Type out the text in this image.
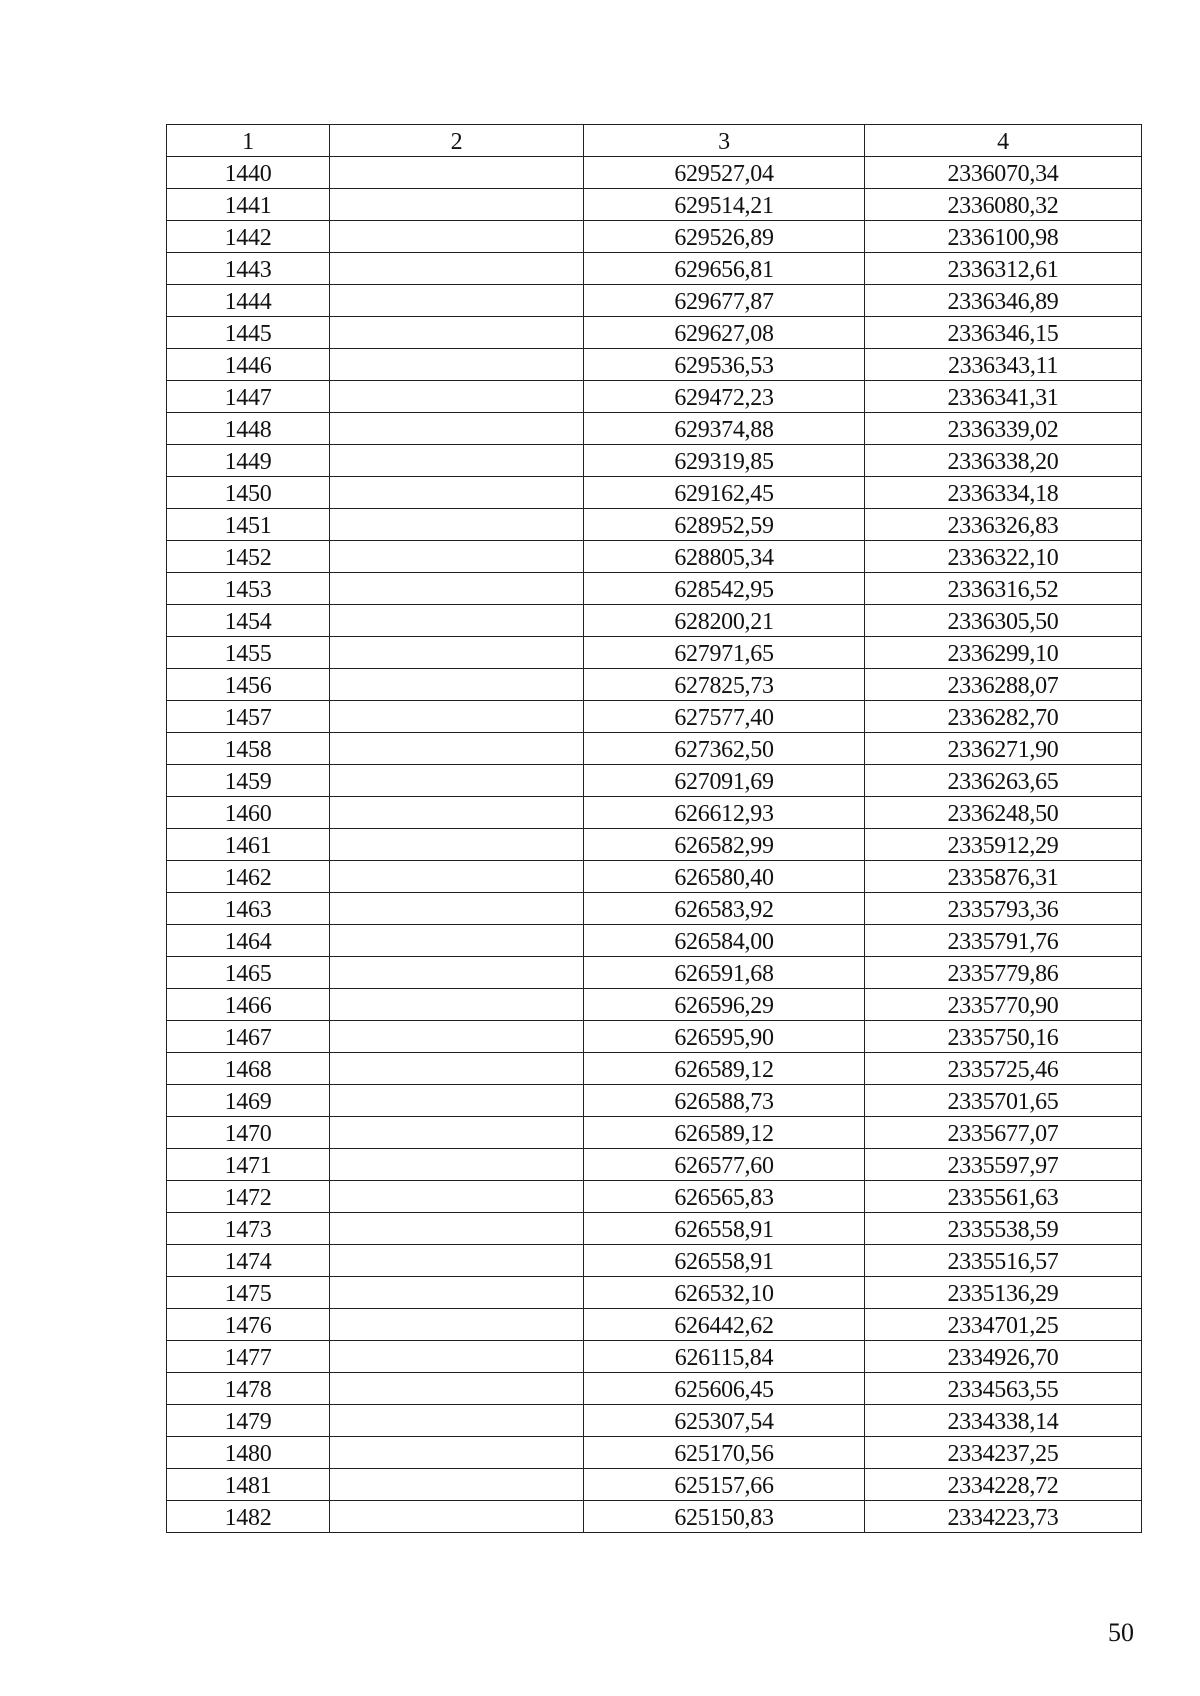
1	2	3	4
1440		629527,04	2336070,34
1441		629514,21	2336080,32
1442		629526,89	2336100,98
1443		629656,81	2336312,61
1444		629677,87	2336346,89
1445		629627,08	2336346,15
1446		629536,53	2336343,11
1447		629472,23	2336341,31
1448		629374,88	2336339,02
1449		629319,85	2336338,20
1450		629162,45	2336334,18
1451		628952,59	2336326,83
1452		628805,34	2336322,10
1453		628542,95	2336316,52
1454		628200,21	2336305,50
1455		627971,65	2336299,10
1456		627825,73	2336288,07
1457		627577,40	2336282,70
1458		627362,50	2336271,90
1459		627091,69	2336263,65
1460		626612,93	2336248,50
1461		626582,99	2335912,29
1462		626580,40	2335876,31
1463		626583,92	2335793,36
1464		626584,00	2335791,76
1465		626591,68	2335779,86
1466		626596,29	2335770,90
1467		626595,90	2335750,16
1468		626589,12	2335725,46
1469		626588,73	2335701,65
1470		626589,12	2335677,07
1471		626577,60	2335597,97
1472		626565,83	2335561,63
1473		626558,91	2335538,59
1474		626558,91	2335516,57
1475		626532,10	2335136,29
1476		626442,62	2334701,25
1477		626115,84	2334926,70
1478		625606,45	2334563,55
1479		625307,54	2334338,14
1480		625170,56	2334237,25
1481		625157,66	2334228,72
1482		625150,83	2334223,73
50
